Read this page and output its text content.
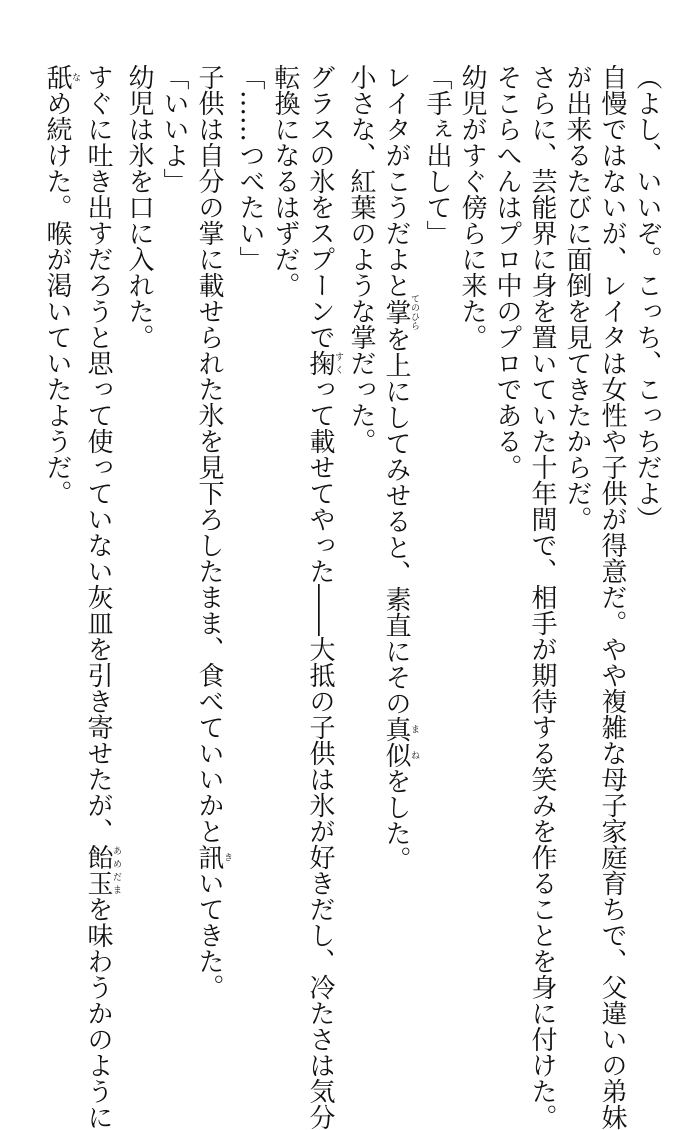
（よし、いいぞ。こっち、こっちだよ）

自慢ではないが、レイタは女性や子供が得意だ。やや複雑な母子家庭育ちで、父違いの弟妹

が出来るたびに面倒を見てきたからだ。

さらに、芸能界に身を置いていた十年間で、相手が期待する笑みを作ることを身に付けた。

そこらへんはプロ中のプロである。

幼児がすぐ傍らに来た。

「手ぇ出して」

レイタがこうだよと掌てのひらを上にしてみせると、素直にその真似まねをした。

小さな、紅葉のような掌だった。

グラスの氷をスプーンで掬すくって載せてやった――大抵の子供は氷が好きだし、冷たさは気分

転換になるはずだ。

「……つべたい」

子供は自分の掌に載せられた氷を見下ろしたまま、食べていいかと訊きいてきた。

「いいよ」

幼児は氷を口に入れた。

すぐに吐き出すだろうと思って使っていない灰皿を引き寄せたが、飴玉あめだまを味わうかのように

舐なめ続けた。喉が渇いていたようだ。
